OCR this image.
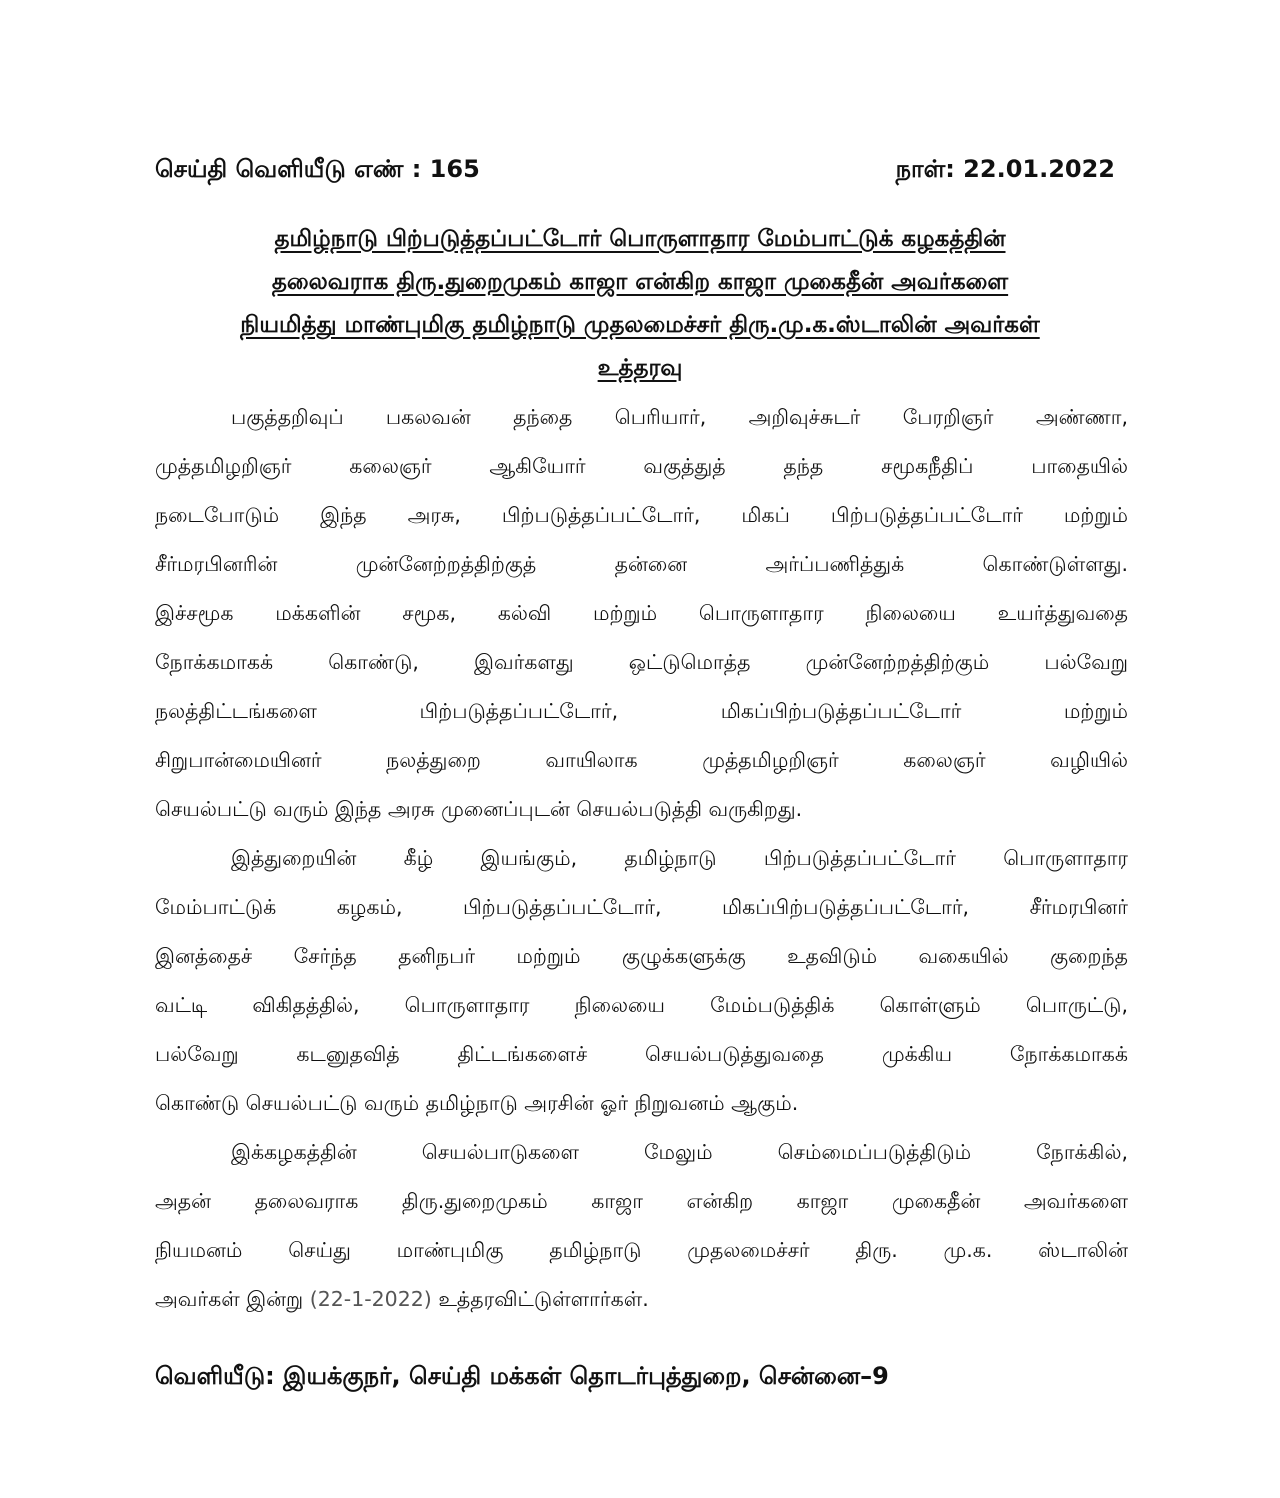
செய்தி வெளியீடு எண் : 165	நாள்: 22.01.2022
தமிழ்நாடு பிற்படுத்தப்பட்டோர் பொருளாதார மேம்பாட்டுக் கழகத்தின்
தலைவராக திரு.துறைமுகம் காஜா என்கிற காஜா முகைதீன் அவர்களை
நியமித்து மாண்புமிகு தமிழ்நாடு முதலமைச்சர் திரு.மு.க.ஸ்டாலின் அவர்கள்
உத்தரவு
பகுத்தறிவுப் பகலவன் தந்தை பெரியார், அறிவுச்சுடர் பேரறிஞர் அண்ணா,
முத்தமிழறிஞர் கலைஞர் ஆகியோர் வகுத்துத் தந்த சமூகநீதிப் பாதையில்
நடைபோடும் இந்த அரசு, பிற்படுத்தப்பட்டோர், மிகப் பிற்படுத்தப்பட்டோர் மற்றும்
சீர்மரபினரின் முன்னேற்றத்திற்குத் தன்னை அர்ப்பணித்துக் கொண்டுள்ளது.
இச்சமூக மக்களின் சமூக, கல்வி மற்றும் பொருளாதார நிலையை உயர்த்துவதை
நோக்கமாகக் கொண்டு, இவர்களது ஒட்டுமொத்த முன்னேற்றத்திற்கும் பல்வேறு
நலத்திட்டங்களை பிற்படுத்தப்பட்டோர், மிகப்பிற்படுத்தப்பட்டோர் மற்றும்
சிறுபான்மையினர் நலத்துறை வாயிலாக முத்தமிழறிஞர் கலைஞர் வழியில்
செயல்பட்டு வரும் இந்த அரசு முனைப்புடன் செயல்படுத்தி வருகிறது.
இத்துறையின் கீழ் இயங்கும், தமிழ்நாடு பிற்படுத்தப்பட்டோர் பொருளாதார
மேம்பாட்டுக் கழகம், பிற்படுத்தப்பட்டோர், மிகப்பிற்படுத்தப்பட்டோர், சீர்மரபினர்
இனத்தைச் சேர்ந்த தனிநபர் மற்றும் குழுக்களுக்கு உதவிடும் வகையில் குறைந்த
வட்டி விகிதத்தில், பொருளாதார நிலையை மேம்படுத்திக் கொள்ளும் பொருட்டு,
பல்வேறு கடனுதவித் திட்டங்களைச் செயல்படுத்துவதை முக்கிய நோக்கமாகக்
கொண்டு செயல்பட்டு வரும் தமிழ்நாடு அரசின் ஓர் நிறுவனம் ஆகும்.
இக்கழகத்தின் செயல்பாடுகளை மேலும் செம்மைப்படுத்திடும் நோக்கில்,
அதன் தலைவராக திரு.துறைமுகம் காஜா என்கிற காஜா முகைதீன் அவர்களை
நியமனம் செய்து மாண்புமிகு தமிழ்நாடு முதலமைச்சர் திரு. மு.க. ஸ்டாலின்
அவர்கள் இன்று (22-1-2022) உத்தரவிட்டுள்ளார்கள்.
வெளியீடு: இயக்குநர், செய்தி மக்கள் தொடர்புத்துறை, சென்னை–9
